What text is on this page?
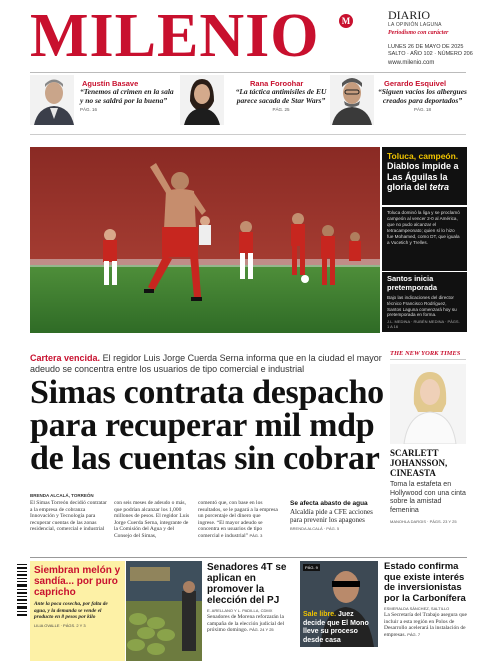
MILENIO	M	DIARIO
LA OPINIÓN LAGUNA
Periodismo con carácter
LUNES 26 DE MAYO DE 2025
SALTO · AÑO 102 · NÚMERO 206
www.milenio.com
Agustín Basave
“Tenemos al crimen en la sala y no se saldrá por la buena” PÁG. 16
Rana Foroohar
“La táctica antimisiles de EU parece sacada de Star Wars” PÁG. 25
Gerardo Esquivel
“Siguen vacíos los albergues creados para deportados” PÁG. 18
Toluca, campeón.
Diablos impide a Las Águilas la gloria del tetra
Toluca dominó la liga y se proclamó campeón al vencer 2-0 al América, que no pudo alcanzar el tetracampeonato; quien sí lo hizo fue Mohamed, como DT, que iguala a Vucetich y Trelles.
Santos inicia pretemporada
Bajo las indicaciones del director técnico Francisco Rodríguez, Santos Laguna comenzará hoy su pretemporada en forma.
J.L. MEDINA · RUBÉN MEDINA · PÁGS. 1 A 16
Cartera vencida. El regidor Luis Jorge Cuerda Serna informa que en la ciudad el mayor adeudo se concentra entre los usuarios de tipo comercial e industrial
Simas contrata despacho para recuperar mil mdp de las cuentas sin cobrar
BRENDA ALCALÁ, TORREÓN
El Simas Torreón decidió contratar a la empresa de cobranza Innovación y Tecnología para recuperar cuentas de las zonas residencial, comercial e industrial
con seis meses de adeudo o más, que podrían alcanzar los 1,000 millones de pesos. El regidor Luis Jorge Cuerda Serna, integrante de la Comisión del Agua y del Consejo del Simas,
comentó que, con base en los resultados, se le pagará a la empresa un porcentaje del dinero que ingrese. “El mayor adeudo se concentra en usuarios de tipo comercial e industrial” PÁG. 3
Se afecta abasto de agua
Alcaldía pide a CFE acciones para prevenir los apagones
BRENDA ALCALÁ · PÁG. 5
THE NEW YORK TIMES
SCARLETT JOHANSSON, CINEASTA
Toma la estafeta en Hollywood con una cinta sobre la amistad femenina
MANOHLA DARGIS · PÁGS. 23 Y 25
Siembran melón y sandía... por puro capricho
Ante la poca cosecha, por falta de agua, y la demanda se vende el producto en 8 pesos por kilo
LILIA OVALLE · PÁGS. 2 Y 3
Senadores 4T se aplican en promover la elección del PJ
E. ARELLANO Y L. PADILLA, CDMX
Senadores de Morena reforzarán la campaña de la elección judicial del próximo domingo. PÁG. 24 Y 25
PÁG. 9
Sale libre. Juez decide que El Mono lleve su proceso desde casa
Estado confirma que existe interés de inversionistas por la Carbonífera
ESMERALDA SÁNCHEZ, SALTILLO
La Secretaría del Trabajo asegura que incluir a esta región en Polos de Desarrollo acelerará la instalación de empresas. PÁG. 7
